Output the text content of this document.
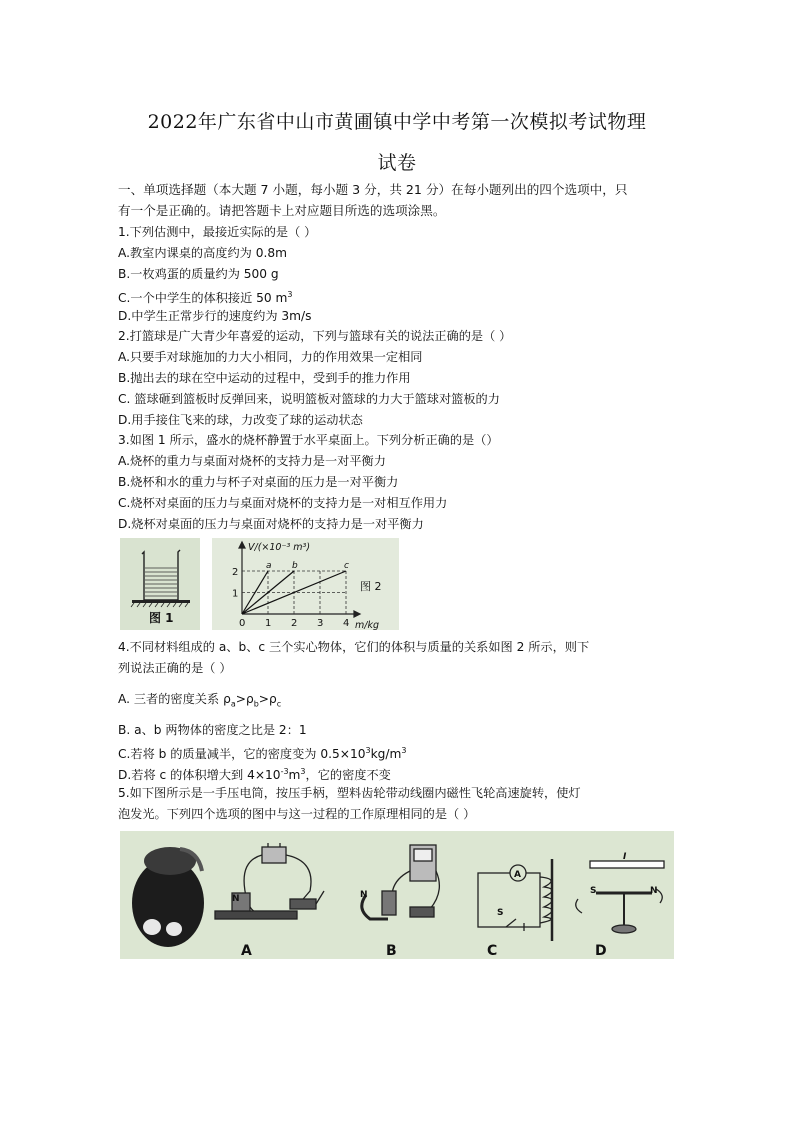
2022年广东省中山市黄圃镇中学中考第一次模拟考试物理
试卷
一、单项选择题（本大题 7 小题，每小题 3 分，共 21 分）在每小题列出的四个选项中，只
有一个是正确的。请把答题卡上对应题目所选的选项涂黑。
1.下列估测中，最接近实际的是（ ）
A.教室内课桌的高度约为 0.8m
B.一枚鸡蛋的质量约为 500 g
C.一个中学生的体积接近 50 $m^3$
D.中学生正常步行的速度约为 3m/s
2.打篮球是广大青少年喜爱的运动，下列与篮球有关的说法正确的是（ ）
A.只要手对球施加的力大小相同，力的作用效果一定相同
B.抛出去的球在空中运动的过程中，受到手的推力作用
C. 篮球砸到篮板时反弹回来，说明篮板对篮球的力大于篮球对篮板的力
D.用手接住飞来的球，力改变了球的运动状态
3.如图 1 所示，盛水的烧杯静置于水平桌面上。下列分析正确的是（）
A.烧杯的重力与桌面对烧杯的支持力是一对平衡力
B.烧杯和水的重力与杯子对桌面的压力是一对平衡力
C.烧杯对桌面的压力与桌面对烧杯的支持力是一对相互作用力
D.烧杯对桌面的压力与桌面对烧杯的支持力是一对平衡力
图 1
V/(×10⁻³ m³)
m/kg
图 2
a b	c
0 1 2 3 4
1
2
4.不同材料组成的 a、b、c 三个实心物体，它们的体积与质量的关系如图 2 所示，则下
列说法正确的是（ ）
A. 三者的密度关系 $\rho_a>\rho_b>\rho_c$
B. a、b 两物体的密度之比是 2：1
C.若将 b 的质量减半，它的密度变为 $0.5\times 10^3kg/m^3$
D.若将 c 的体积增大到 $4\times 10^{-3}m^3$，它的密度不变
5.如下图所示是一手压电筒，按压手柄，塑料齿轮带动线圈内磁性飞轮高速旋转，使灯
泡发光。下列四个选项的图中与这一过程的工作原理相同的是（ ）
N
A
N
B
A
S
C
I
S	N
D
